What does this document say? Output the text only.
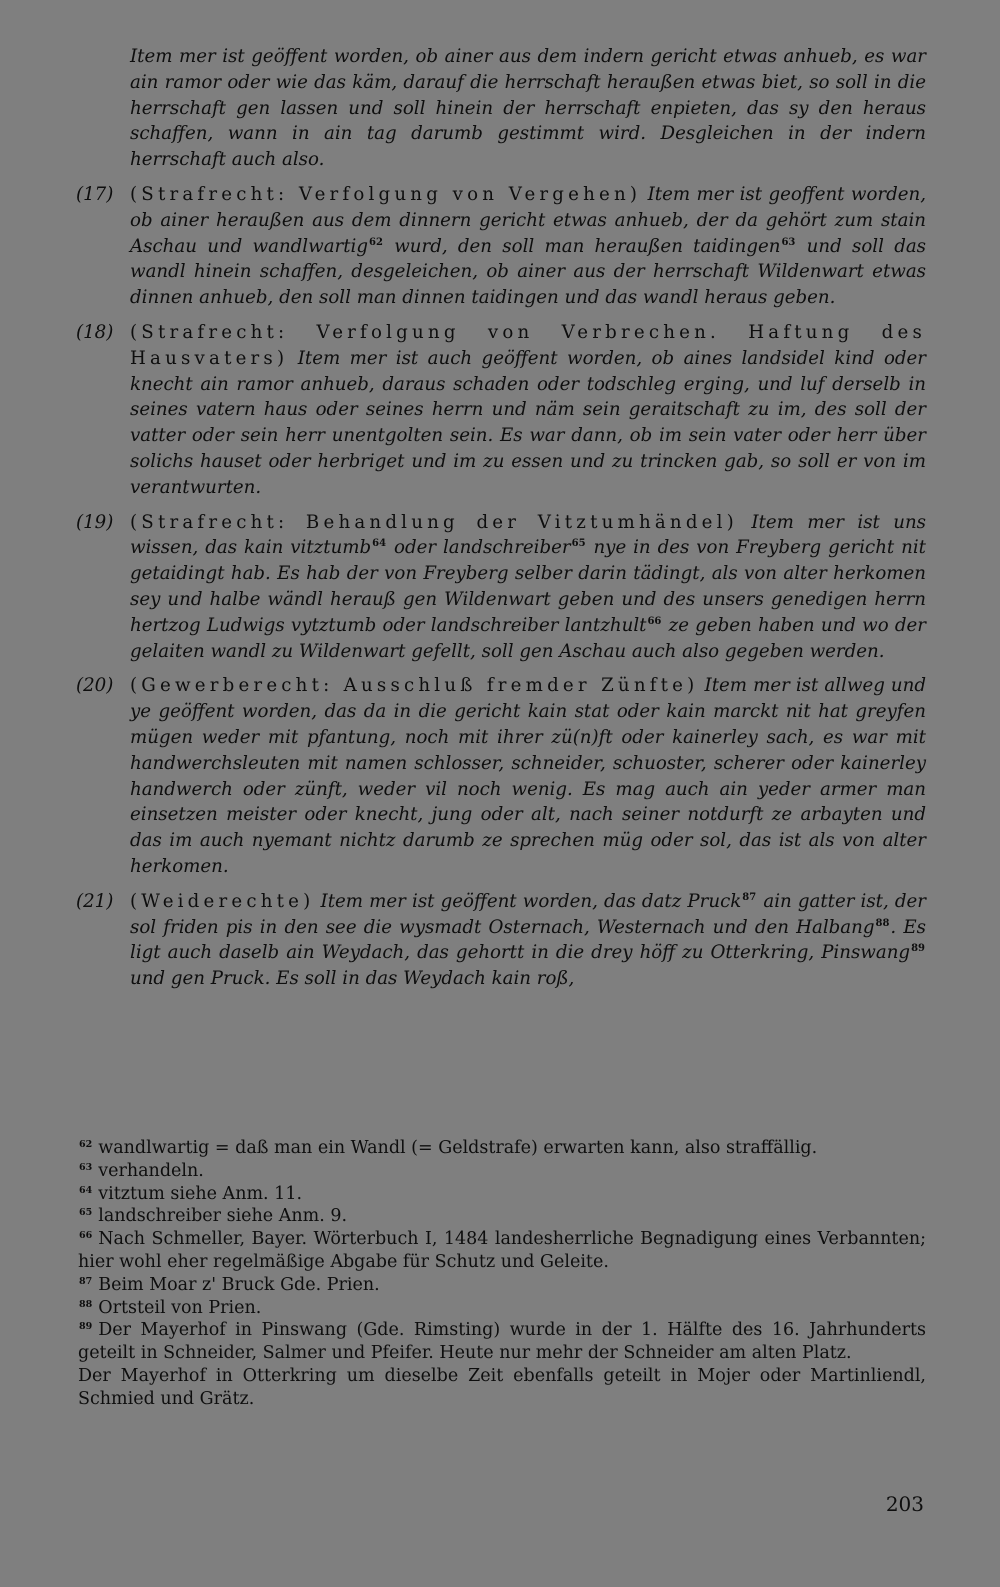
Item mer ist geöffent worden, ob ainer aus dem indern gericht etwas anhueb, es war ain ramor oder wie das käm, darauf die herrschaft heraußen etwas biet, so soll in die herrschaft gen lassen und soll hinein der herrschaft enpieten, das sy den heraus schaffen, wann in ain tag darumb gestimmt wird. Desgleichen in der indern herrschaft auch also.

(17) (Strafrecht: Verfolgung von Vergehen) Item mer ist geoffent worden, ob ainer heraußen aus dem dinnern gericht etwas anhueb, der da gehört zum stain Aschau und wandlwartig$^{62}$ wurd, den soll man heraußen taidingen$^{63}$ und soll das wandl hinein schaffen, desgeleichen, ob ainer aus der herrschaft Wildenwart etwas dinnen anhueb, den soll man dinnen taidingen und das wandl heraus geben.

(18) (Strafrecht: Verfolgung von Verbrechen. Haftung des Hausvaters) Item mer ist auch geöffent worden, ob aines landsidel kind oder knecht ain ramor anhueb, daraus schaden oder todschleg erging, und luf derselb in seines vatern haus oder seines herrn und näm sein geraitschaft zu im, des soll der vatter oder sein herr unentgolten sein. Es war dann, ob im sein vater oder herr über solichs hauset oder herbriget und im zu essen und zu trincken gab, so soll er von im verantwurten.

(19) (Strafrecht: Behandlung der Vitztumhändel) Item mer ist uns wissen, das kain vitztumb$^{64}$ oder landschreiber$^{65}$ nye in des von Freyberg gericht nit getaidingt hab. Es hab der von Freyberg selber darin tädingt, als von alter herkomen sey und halbe wändl herauß gen Wildenwart geben und des unsers genedigen herrn hertzog Ludwigs vytztumb oder landschreiber lantzhult$^{66}$ ze geben haben und wo der gelaiten wandl zu Wildenwart gefellt, soll gen Aschau auch also gegeben werden.

(20) (Gewerberecht: Ausschluß fremder Zünfte) Item mer ist allweg und ye geöffent worden, das da in die gericht kain stat oder kain marckt nit hat greyfen mügen weder mit pfantung, noch mit ihrer zü(n)ft oder kainerley sach, es war mit handwerchsleuten mit namen schlosser, schneider, schuoster, scherer oder kainerley handwerch oder zünft, weder vil noch wenig. Es mag auch ain yeder armer man einsetzen meister oder knecht, jung oder alt, nach seiner notdurft ze arbayten und das im auch nyemant nichtz darumb ze sprechen müg oder sol, das ist als von alter herkomen.

(21) (Weiderechte) Item mer ist geöffent worden, das datz Pruck$^{87}$ ain gatter ist, der sol friden pis in den see die wysmadt Osternach, Westernach und den Halbang$^{88}$. Es ligt auch daselb ain Weydach, das gehortt in die drey höff zu Otterkring, Pinswang$^{89}$ und gen Pruck. Es soll in das Weydach kain roß,

$^{62}$ wandlwartig = daß man ein Wandl (= Geldstrafe) erwarten kann, also straffällig.

$^{63}$ verhandeln.

$^{64}$ vitztum siehe Anm. 11.

$^{65}$ landschreiber siehe Anm. 9.

$^{66}$ Nach Schmeller, Bayer. Wörterbuch I, 1484 landesherrliche Begnadigung eines Verbannten; hier wohl eher regelmäßige Abgabe für Schutz und Geleite.

$^{87}$ Beim Moar z' Bruck Gde. Prien.

$^{88}$ Ortsteil von Prien.

$^{89}$ Der Mayerhof in Pinswang (Gde. Rimsting) wurde in der 1. Hälfte des 16. Jahrhunderts geteilt in Schneider, Salmer und Pfeifer. Heute nur mehr der Schneider am alten Platz.

Der Mayerhof in Otterkring um dieselbe Zeit ebenfalls geteilt in Mojer oder Martinliendl, Schmied und Grätz.

203
